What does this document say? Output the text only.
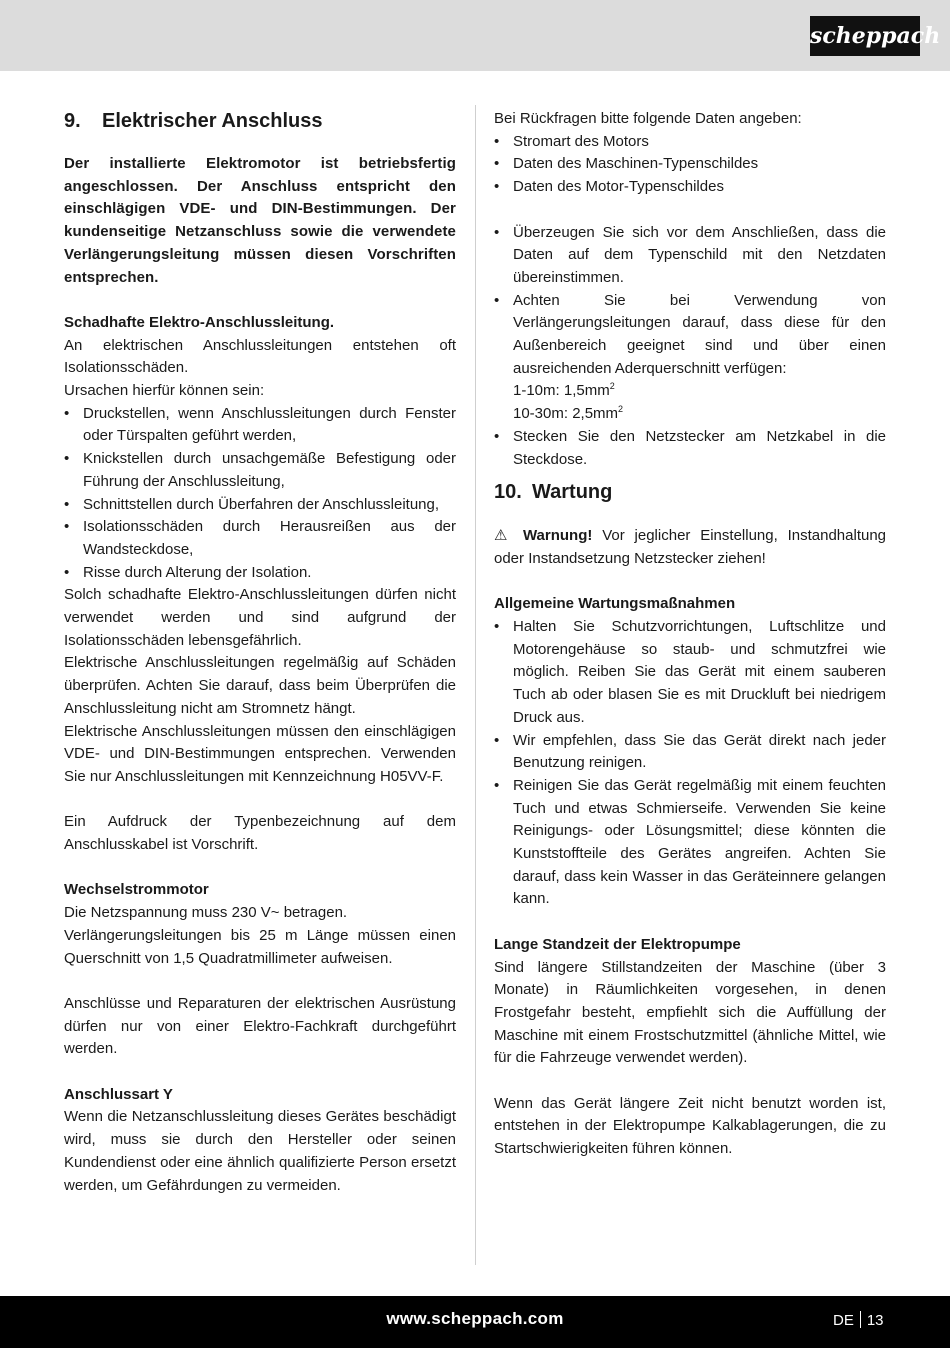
scheppach
9.	Elektrischer Anschluss

Der installierte Elektromotor ist betriebsfertig angeschlossen. Der Anschluss entspricht den einschlägigen VDE- und DIN-Bestimmungen. Der kundenseitige Netzanschluss sowie die verwendete Verlängerungsleitung müssen diesen Vorschriften entsprechen.

Schadhafte Elektro-Anschlussleitung.

An elektrischen Anschlussleitungen entstehen oft Isolationsschäden.

Ursachen hierfür können sein:

• Druckstellen, wenn Anschlussleitungen durch Fenster oder Türspalten geführt werden,
• Knickstellen durch unsachgemäße Befestigung oder Führung der Anschlussleitung,
• Schnittstellen durch Überfahren der Anschlussleitung,
• Isolationsschäden durch Herausreißen aus der Wandsteckdose,
• Risse durch Alterung der Isolation.

Solch schadhafte Elektro-Anschlussleitungen dürfen nicht verwendet werden und sind aufgrund der Isolationsschäden lebensgefährlich.

Elektrische Anschlussleitungen regelmäßig auf Schäden überprüfen. Achten Sie darauf, dass beim Überprüfen die Anschlussleitung nicht am Stromnetz hängt.

Elektrische Anschlussleitungen müssen den einschlägigen VDE- und DIN-Bestimmungen entsprechen. Verwenden Sie nur Anschlussleitungen mit Kennzeichnung H05VV-F.

Ein Aufdruck der Typenbezeichnung auf dem Anschlusskabel ist Vorschrift.

Wechselstrommotor

Die Netzspannung muss 230 V~ betragen.

Verlängerungsleitungen bis 25 m Länge müssen einen Querschnitt von 1,5 Quadratmillimeter aufweisen.

Anschlüsse und Reparaturen der elektrischen Ausrüstung dürfen nur von einer Elektro-Fachkraft durchgeführt werden.

Anschlussart Y

Wenn die Netzanschlussleitung dieses Gerätes beschädigt wird, muss sie durch den Hersteller oder seinen Kundendienst oder eine ähnlich qualifizierte Person ersetzt werden, um Gefährdungen zu vermeiden.

Bei Rückfragen bitte folgende Daten angeben:

• Stromart des Motors
• Daten des Maschinen-Typenschildes
• Daten des Motor-Typenschildes
• Überzeugen Sie sich vor dem Anschließen, dass die Daten auf dem Typenschild mit den Netzdaten übereinstimmen.
• Achten Sie bei Verwendung von Verlängerungsleitungen darauf, dass diese für den Außenbereich geeignet sind und über einen ausreichenden Aderquerschnitt verfügen:
1-10m: $1,5mm^2$
10-30m: $2,5mm^2$
• Stecken Sie den Netzstecker am Netzkabel in die Steckdose.
10. Wartung

⚠ Warnung! Vor jeglicher Einstellung, Instandhaltung oder Instandsetzung Netzstecker ziehen!

Allgemeine Wartungsmaßnahmen

• Halten Sie Schutzvorrichtungen, Luftschlitze und Motorengehäuse so staub- und schmutzfrei wie möglich. Reiben Sie das Gerät mit einem sauberen Tuch ab oder blasen Sie es mit Druckluft bei niedrigem Druck aus.
• Wir empfehlen, dass Sie das Gerät direkt nach jeder Benutzung reinigen.
• Reinigen Sie das Gerät regelmäßig mit einem feuchten Tuch und etwas Schmierseife. Verwenden Sie keine Reinigungs- oder Lösungsmittel; diese könnten die Kunststoffteile des Gerätes angreifen. Achten Sie darauf, dass kein Wasser in das Geräteinnere gelangen kann.

Lange Standzeit der Elektropumpe

Sind längere Stillstandzeiten der Maschine (über 3 Monate) in Räumlichkeiten vorgesehen, in denen Frostgefahr besteht, empfiehlt sich die Auffüllung der Maschine mit einem Frostschutzmittel (ähnliche Mittel, wie für die Fahrzeuge verwendet werden).

Wenn das Gerät längere Zeit nicht benutzt worden ist, entstehen in der Elektropumpe Kalkablagerungen, die zu Startschwierigkeiten führen können.

www.scheppach.com	DE 13
